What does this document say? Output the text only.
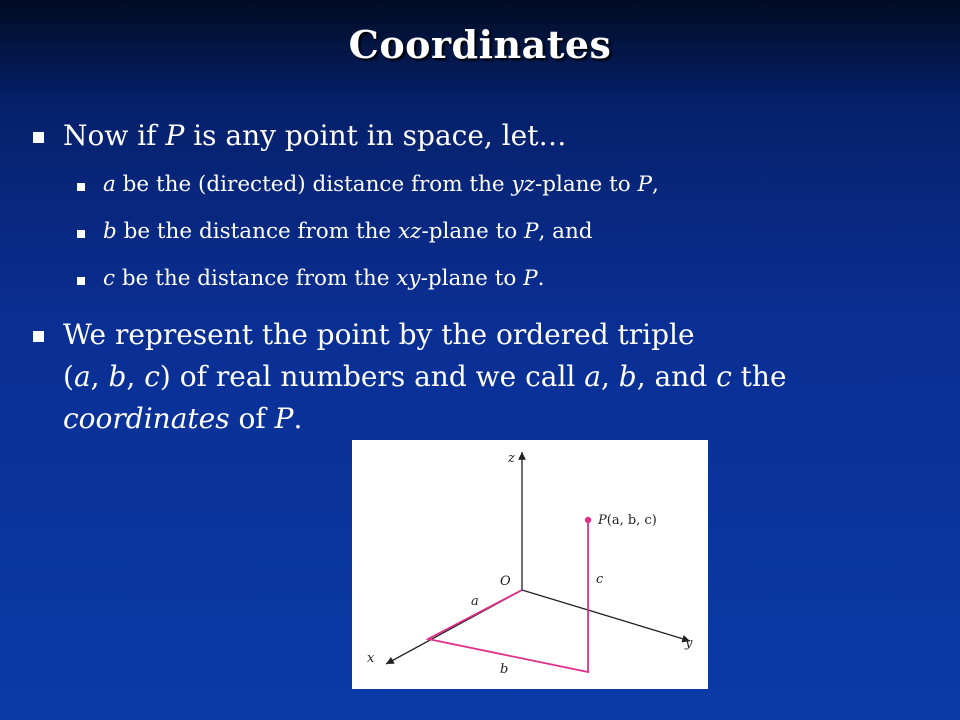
Coordinates
Now if P is any point in space, let…
a be the (directed) distance from the yz-plane to P,
b be the distance from the xz-plane to P, and
c be the distance from the xy-plane to P.
We represent the point by the ordered triple
(a, b, c) of real numbers and we call a, b, and c the
coordinates of P.
z
x
y
O
P(a, b, c)
a
b
c
